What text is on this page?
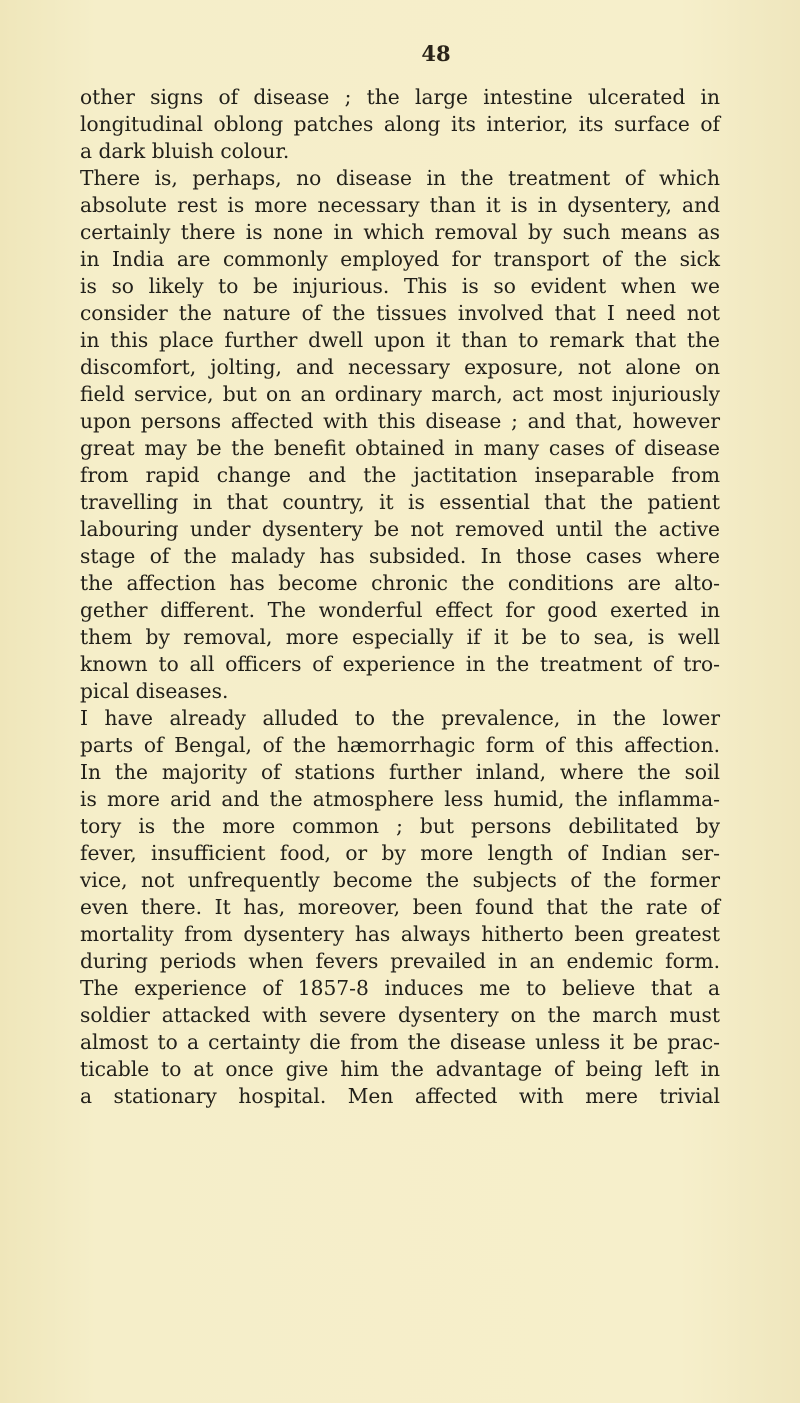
48
other signs of disease ; the large intestine ulcerated in
longitudinal oblong patches along its interior, its surface of
a dark bluish colour.
There is, perhaps, no disease in the treatment of which
absolute rest is more necessary than it is in dysentery, and
certainly there is none in which removal by such means as
in India are commonly employed for transport of the sick
is so likely to be injurious. This is so evident when we
consider the nature of the tissues involved that I need not
in this place further dwell upon it than to remark that the
discomfort, jolting, and necessary exposure, not alone on
field service, but on an ordinary march, act most injuriously
upon persons affected with this disease ; and that, however
great may be the benefit obtained in many cases of disease
from rapid change and the jactitation inseparable from
travelling in that country, it is essential that the patient
labouring under dysentery be not removed until the active
stage of the malady has subsided. In those cases where
the affection has become chronic the conditions are alto-
gether different. The wonderful effect for good exerted in
them by removal, more especially if it be to sea, is well
known to all officers of experience in the treatment of tro-
pical diseases.
I have already alluded to the prevalence, in the lower
parts of Bengal, of the hæmorrhagic form of this affection.
In the majority of stations further inland, where the soil
is more arid and the atmosphere less humid, the inflamma-
tory is the more common ; but persons debilitated by
fever, insufficient food, or by more length of Indian ser-
vice, not unfrequently become the subjects of the former
even there. It has, moreover, been found that the rate of
mortality from dysentery has always hitherto been greatest
during periods when fevers prevailed in an endemic form.
The experience of 1857-8 induces me to believe that a
soldier attacked with severe dysentery on the march must
almost to a certainty die from the disease unless it be prac-
ticable to at once give him the advantage of being left in
a stationary hospital. Men affected with mere trivial
